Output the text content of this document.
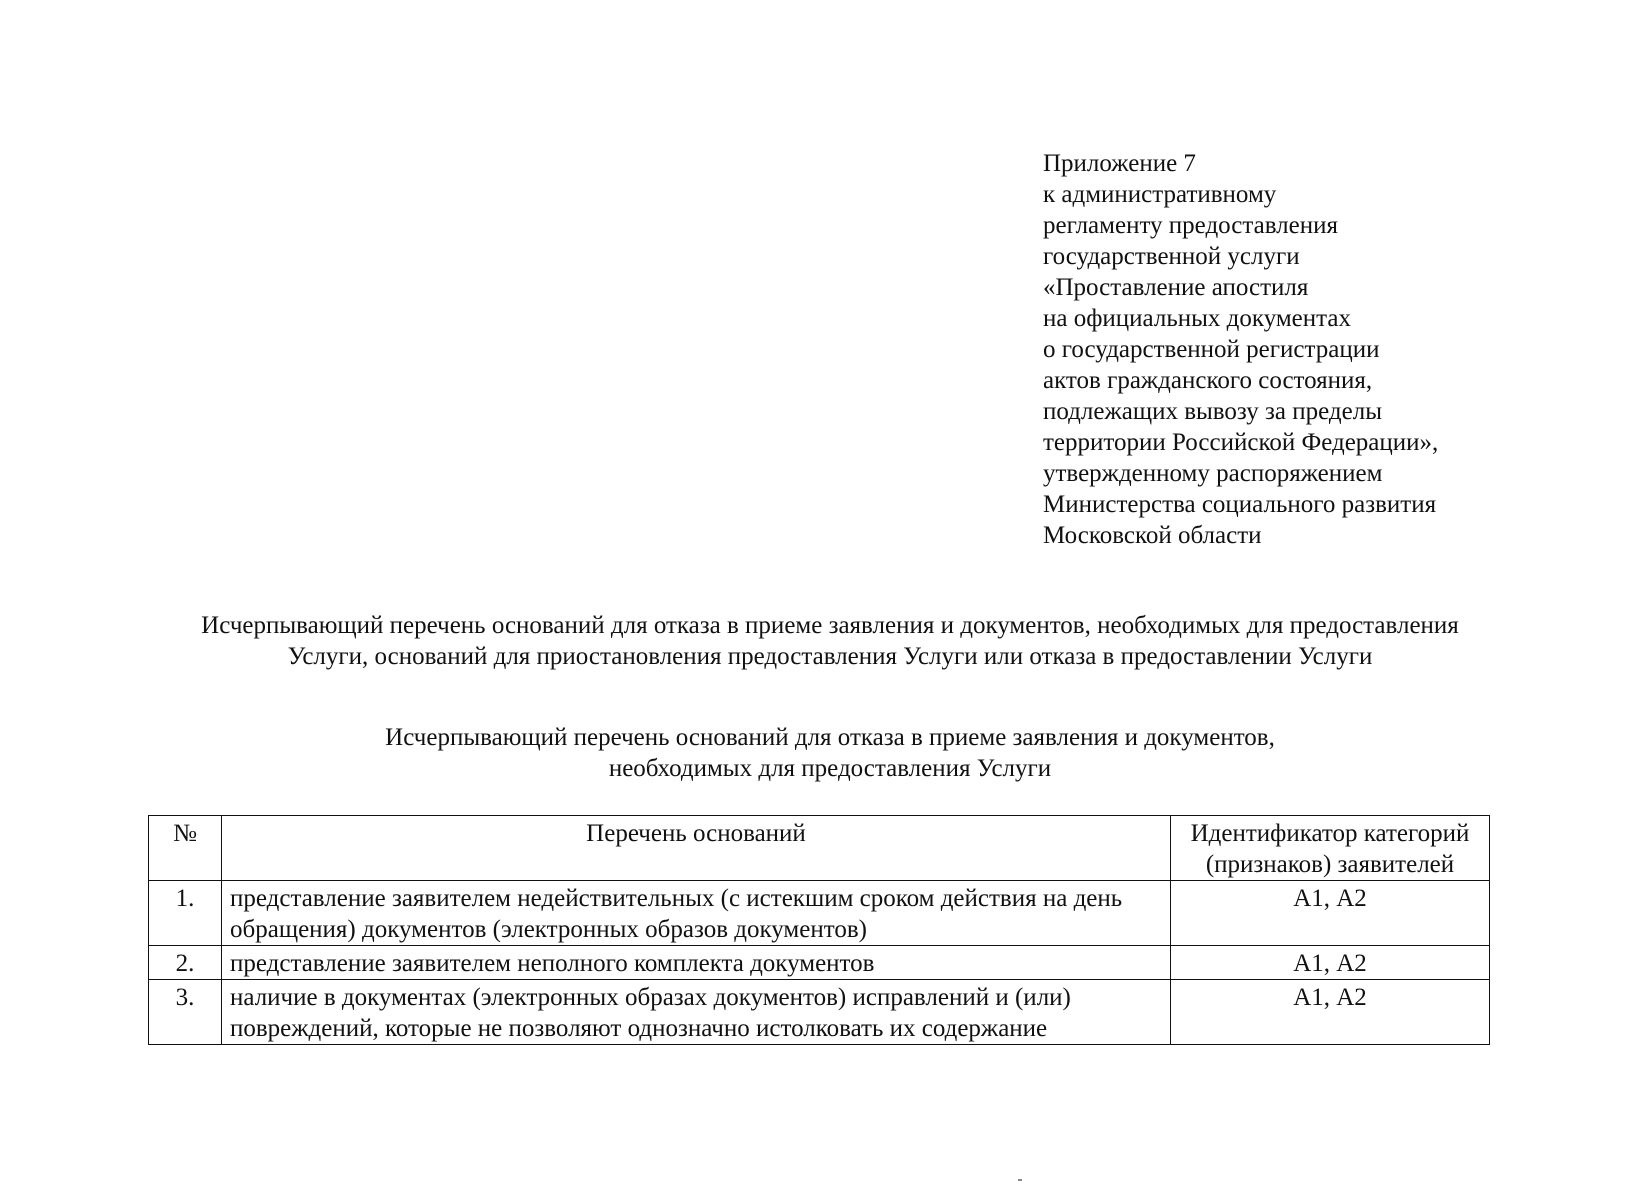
Приложение 7
к административному
регламенту предоставления
государственной услуги
«Проставление апостиля
на официальных документах
о государственной регистрации
актов гражданского состояния,
подлежащих вывозу за пределы
территории Российской Федерации»,
утвержденному распоряжением
Министерства социального развития
Московской области
Исчерпывающий перечень оснований для отказа в приеме заявления и документов, необходимых для предоставления
Услуги, оснований для приостановления предоставления Услуги или отказа в предоставлении Услуги
Исчерпывающий перечень оснований для отказа в приеме заявления и документов,
необходимых для предоставления Услуги
№	Перечень оснований	Идентификатор категорий (признаков) заявителей
1.	представление заявителем недействительных (с истекшим сроком действия на день обращения) документов (электронных образов документов)	А1, А2
2.	представление заявителем неполного комплекта документов	А1, А2
3.	наличие в документах (электронных образах документов) исправлений и (или) повреждений, которые не позволяют однозначно истолковать их содержание	А1, А2
